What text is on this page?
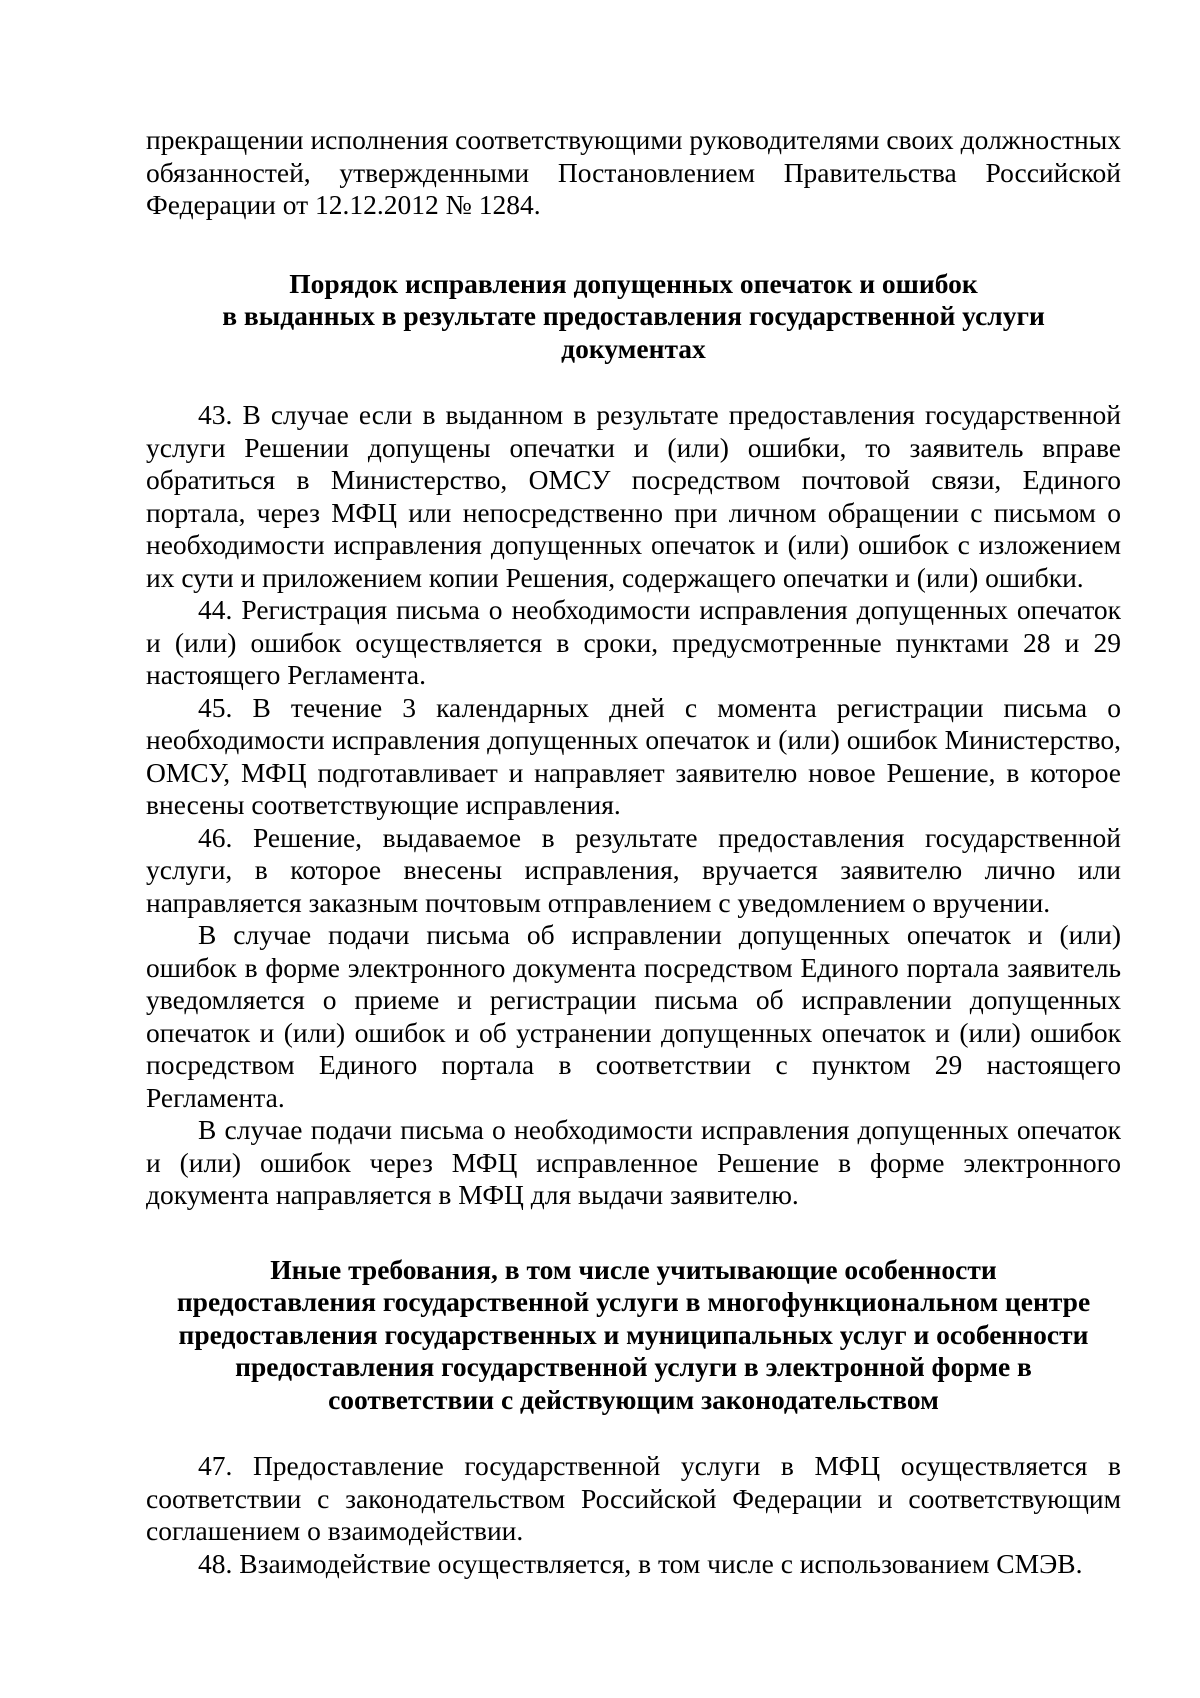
прекращении исполнения соответствующими руководителями своих должностных обязанностей, утвержденными Постановлением Правительства Российской Федерации от 12.12.2012 № 1284.

Порядок исправления допущенных опечаток и ошибок
в выданных в результате предоставления государственной услуги
документах

43. В случае если в выданном в результате предоставления государственной услуги Решении допущены опечатки и (или) ошибки, то заявитель вправе обратиться в Министерство, ОМСУ посредством почтовой связи, Единого портала, через МФЦ или непосредственно при личном обращении с письмом о необходимости исправления допущенных опечаток и (или) ошибок с изложением их сути и приложением копии Решения, содержащего опечатки и (или) ошибки.

44. Регистрация письма о необходимости исправления допущенных опечаток и (или) ошибок осуществляется в сроки, предусмотренные пунктами 28 и 29 настоящего Регламента.

45. В течение 3 календарных дней с момента регистрации письма о необходимости исправления допущенных опечаток и (или) ошибок Министерство, ОМСУ, МФЦ подготавливает и направляет заявителю новое Решение, в которое внесены соответствующие исправления.

46. Решение, выдаваемое в результате предоставления государственной услуги, в которое внесены исправления, вручается заявителю лично или направляется заказным почтовым отправлением с уведомлением о вручении.

В случае подачи письма об исправлении допущенных опечаток и (или) ошибок в форме электронного документа посредством Единого портала заявитель уведомляется о приеме и регистрации письма об исправлении допущенных опечаток и (или) ошибок и об устранении допущенных опечаток и (или) ошибок посредством Единого портала в соответствии с пунктом 29 настоящего Регламента.

В случае подачи письма о необходимости исправления допущенных опечаток и (или) ошибок через МФЦ исправленное Решение в форме электронного документа направляется в МФЦ для выдачи заявителю.

Иные требования, в том числе учитывающие особенности
предоставления государственной услуги в многофункциональном центре
предоставления государственных и муниципальных услуг и особенности
предоставления государственной услуги в электронной форме в
соответствии с действующим законодательством

47. Предоставление государственной услуги в МФЦ осуществляется в соответствии с законодательством Российской Федерации и соответствующим соглашением о взаимодействии.

48. Взаимодействие осуществляется, в том числе с использованием СМЭВ.
